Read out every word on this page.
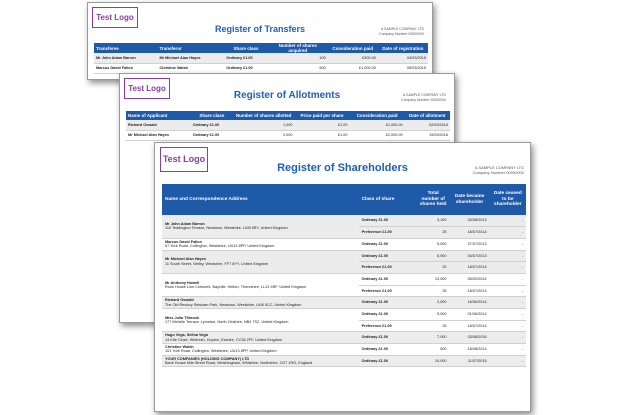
Test Logo
Register of Transfers	A SAMPLE COMPANY LTD
Company Number 00000000
Transferee	Transferor	Share class	Number of shares acquired	Consideration paid	Date of registration
Mr John Adam Barron	Mr Michael Alan Hayes	Ordinary £1.00	100	£300.00	04/03/2015
Marcus David Fallon	Christine Walsh	Ordinary £1.00	500	£1,000.00	05/03/2015
Test Logo
Register of Allotments	A SAMPLE COMPANY LTD
Company Number 00000000
Name of Applicant	Share class	Number of shares allotted	Price paid per share	Consideration paid	Date of allotment
Richard Oswald	Ordinary £1.00	1,000	£1.00	£1,000.00	02/03/2016
Mr Michael Alan Hayes	Ordinary £1.00	2,000	£1.00	£2,000.00	19/03/2016
Test Logo
Register of Shareholders	A SAMPLE COMPANY LTD
Company Number 00000000
Name and Correspondence Address	Class of share	Total number of shares held	Date became shareholder	Date ceased to be shareholder

Mr John Adam Barron
110 Teddington Terrace, Newtown, Westshire, UU8 5RY, United Kingdom	Ordinary £1.00	3,100	03/08/2013	-
	Preference £1.00	25	18/07/2014	-

Marcus David Fallon
67 York Road, Collington, Westshire, UU13 8PP, United Kingdom	Ordinary £1.00	5,000	27/07/2013	-

Mr Michael Alan Hayes
11 South Street, Welby, Westshire, FF7 8YY, United Kingdom	Ordinary £1.00	6,900	04/07/2013	-
	Preference £1.00	25	18/07/2014	-

Mr Anthony Howell
Rook House Lion Crescent, Bayville, Helton, Thereshire, LL13 4RF, United Kingdom	Ordinary £1.00	13,000	05/02/2014	-
	Preference £1.00	25	18/07/2014	-

Richard Oswald
The Old Rectory Selsham Park, Newtown, Westshire, UU8 5CC, United Kingdom	Ordinary £1.00	2,000	16/06/2014	-

Miss Julia Tilbrook
177 Melville Terrace, Lymeton, North Oldshire, NB4 7SZ, United Kingdom	Ordinary £1.00	5,000	01/06/2014	-
	Preference £1.00	25	18/07/2014	-

Hugo Vega, Selina Vega
14 Kite Close, Whitresh, Hopton, Esshire, CC36 2FF, United Kingdom	Ordinary £1.00	7,000	03/08/2016	-

Christine Walsh
101 York Road, Collington, Westshire, UU13 8PP, United Kingdom	Ordinary £1.00	500	18/08/2014	-

YOUR COMPANIES (HOLDING COMPANY) LTD
Bank House Mile Street Road, Welshingham, Whitshire, Northshire, CD7 1RG, England	Ordinary £1.00	10,000	11/07/2015	-
